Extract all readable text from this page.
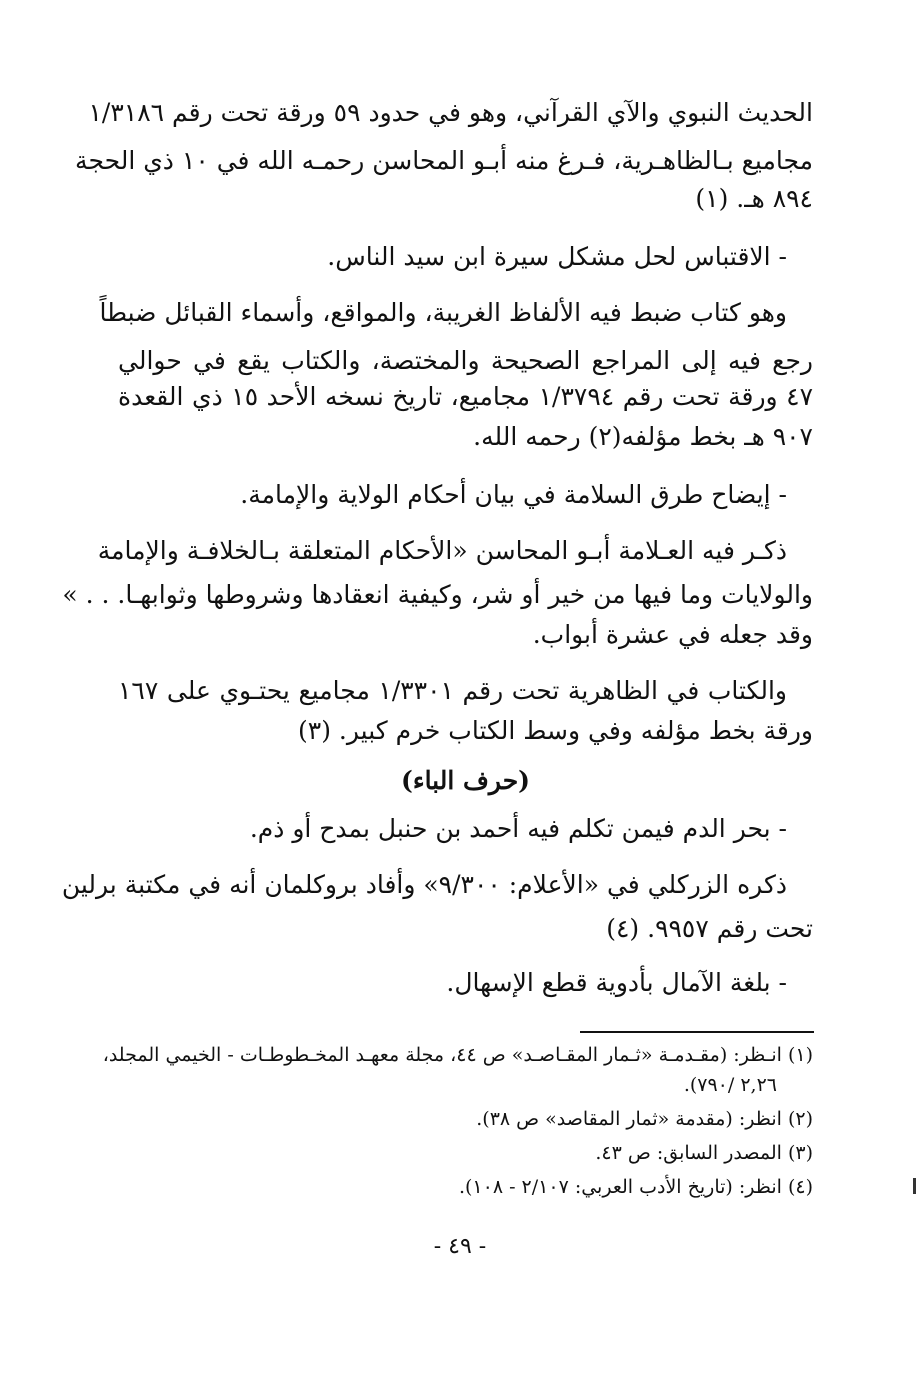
الحديث النبوي والآي القرآني، وهو في حدود ٥٩ ورقة تحت رقم ١/٣١٨٦
مجاميع بـالظاهـرية، فـرغ منه أبـو المحاسن رحمـه الله في ١٠ ذي الحجة
٨٩٤ هـ. (١)
- الاقتباس لحل مشكل سيرة ابن سيد الناس.
وهو كتاب ضبط فيه الألفاظ الغريبة، والمواقع، وأسماء القبائل ضبطاً
رجع فيه إلى المراجع الصحيحة والمختصة، والكتاب يقع في حوالي
٤٧ ورقة تحت رقم ١/٣٧٩٤ مجاميع، تاريخ نسخه الأحد ١٥ ذي القعدة
٩٠٧ هـ بخط مؤلفه(٢) رحمه الله.
- إيضاح طرق السلامة في بيان أحكام الولاية والإمامة.
ذكـر فيه العـلامة أبـو المحاسن «الأحكام المتعلقة بـالخلافـة والإمامة
والولايات وما فيها من خير أو شر، وكيفية انعقادها وشروطها وثوابهـا. . . »
وقد جعله في عشرة أبواب.
والكتاب في الظاهرية تحت رقم ١/٣٣٠١ مجاميع يحتـوي على ١٦٧
ورقة بخط مؤلفه وفي وسط الكتاب خرم كبير. (٣)
(حرف الباء)
- بحر الدم فيمن تكلم فيه أحمد بن حنبل بمدح أو ذم.
ذكره الزركلي في «الأعلام: ٩/٣٠٠» وأفاد بروكلمان أنه في مكتبة برلين
تحت رقم ٩٩٥٧. (٤)
- بلغة الآمال بأدوية قطع الإسهال.
(١) انـظر: (مقـدمـة «ثـمار المقـاصـد» ص ٤٤، مجلة معهـد المخـطوطـات - الخيمي المجلد،
٢,٢٦ /٧٩٠).
(٢) انظر: (مقدمة «ثمار المقاصد» ص ٣٨).
(٣) المصدر السابق: ص ٤٣.
(٤) انظر: (تاريخ الأدب العربي: ٢/١٠٧ - ١٠٨).
- ٤٩ -
